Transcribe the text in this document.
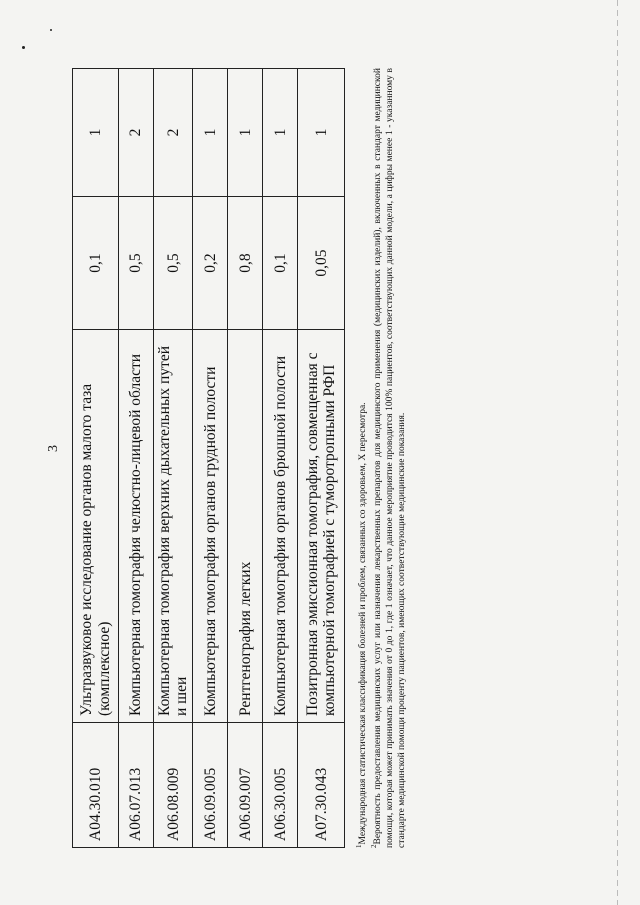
3
A04.30.010	Ультразвуковое исследование органов малого таза (комплексное)	0,1	1
A06.07.013	Компьютерная томография челюстно-лицевой области	0,5	2
A06.08.009	Компьютерная томография верхних дыхательных путей и шеи	0,5	2
A06.09.005	Компьютерная томография органов грудной полости	0,2	1
A06.09.007	Рентгенография легких	0,8	1
A06.30.005	Компьютерная томография органов брюшной полости	0,1	1
A07.30.043	Позитронная эмиссионная томография, совмещенная с компьютерной томографией с туморотропными РФП	0,05	1

$^1$Международная статистическая классификация болезней и проблем, связанных со здоровьем, X пересмотра.

$^2$Вероятность предоставления медицинских услуг или назначения лекарственных препаратов для медицинского применения (медицинских изделий), включенных в стандарт медицинской помощи, которая может принимать значения от 0 до 1, где 1 означает, что данное мероприятие проводится 100% пациентов, соответствующих данной модели, а цифры менее 1 - указанному в стандарте медицинской помощи проценту пациентов, имеющих соответствующие медицинские показания.
